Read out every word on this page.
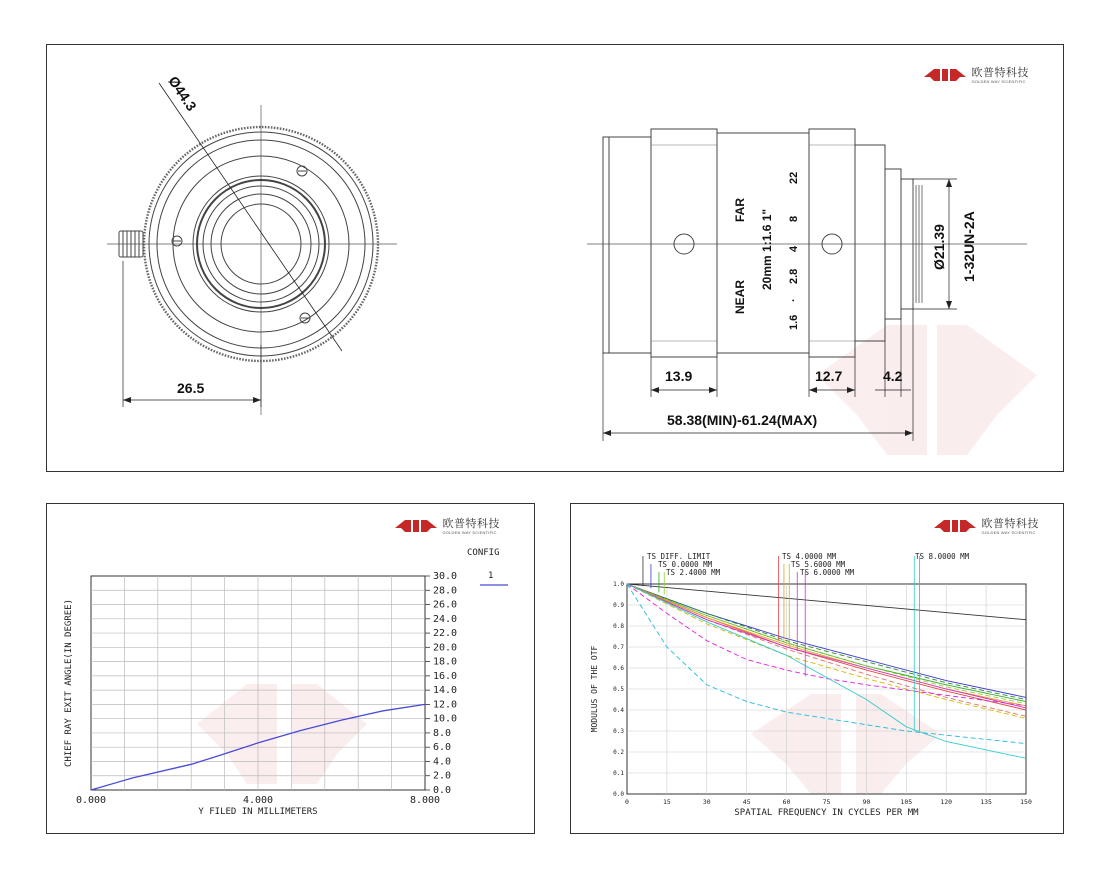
欧普特科技
GOLDEN WAY SCIENTIFIC
Ø44.3
26.5
FAR
NEAR
20mm 1:1.6 1"
1.6
·
2.8
4
8
22
13.9	12.7	4.2
58.38(MIN)-61.24(MAX)
Ø21.39 1-32UN-2A
欧普特科技
GOLDEN WAY SCIENTIFIC
0.0
2.0
4.0
6.0
8.0
10.0
12.0
14.0
16.0
18.0
20.0
22.0
24.0
26.0
28.0
30.0
0.000	4.000	8.000
Y FILED IN MILLIMETERS
CHIEF RAY EXIT ANGLE(IN DEGREE)
CONFIG
1
欧普特科技
GOLDEN WAY SCIENTIFIC
0	15	30	45	60	75	90	105	120	135	150
0.0
0.1
0.2
0.3
0.4
0.5
0.6
0.7
0.8
0.9
1.0
SPATIAL FREQUENCY IN CYCLES PER MM
MODULUS OF THE OTF
TS DIFF. LIMIT
TS 0.0000 MM
TS 2.4000 MM
TS 4.0000 MM
TS 5.6000 MM
TS 6.0000 MM
TS 8.0000 MM
